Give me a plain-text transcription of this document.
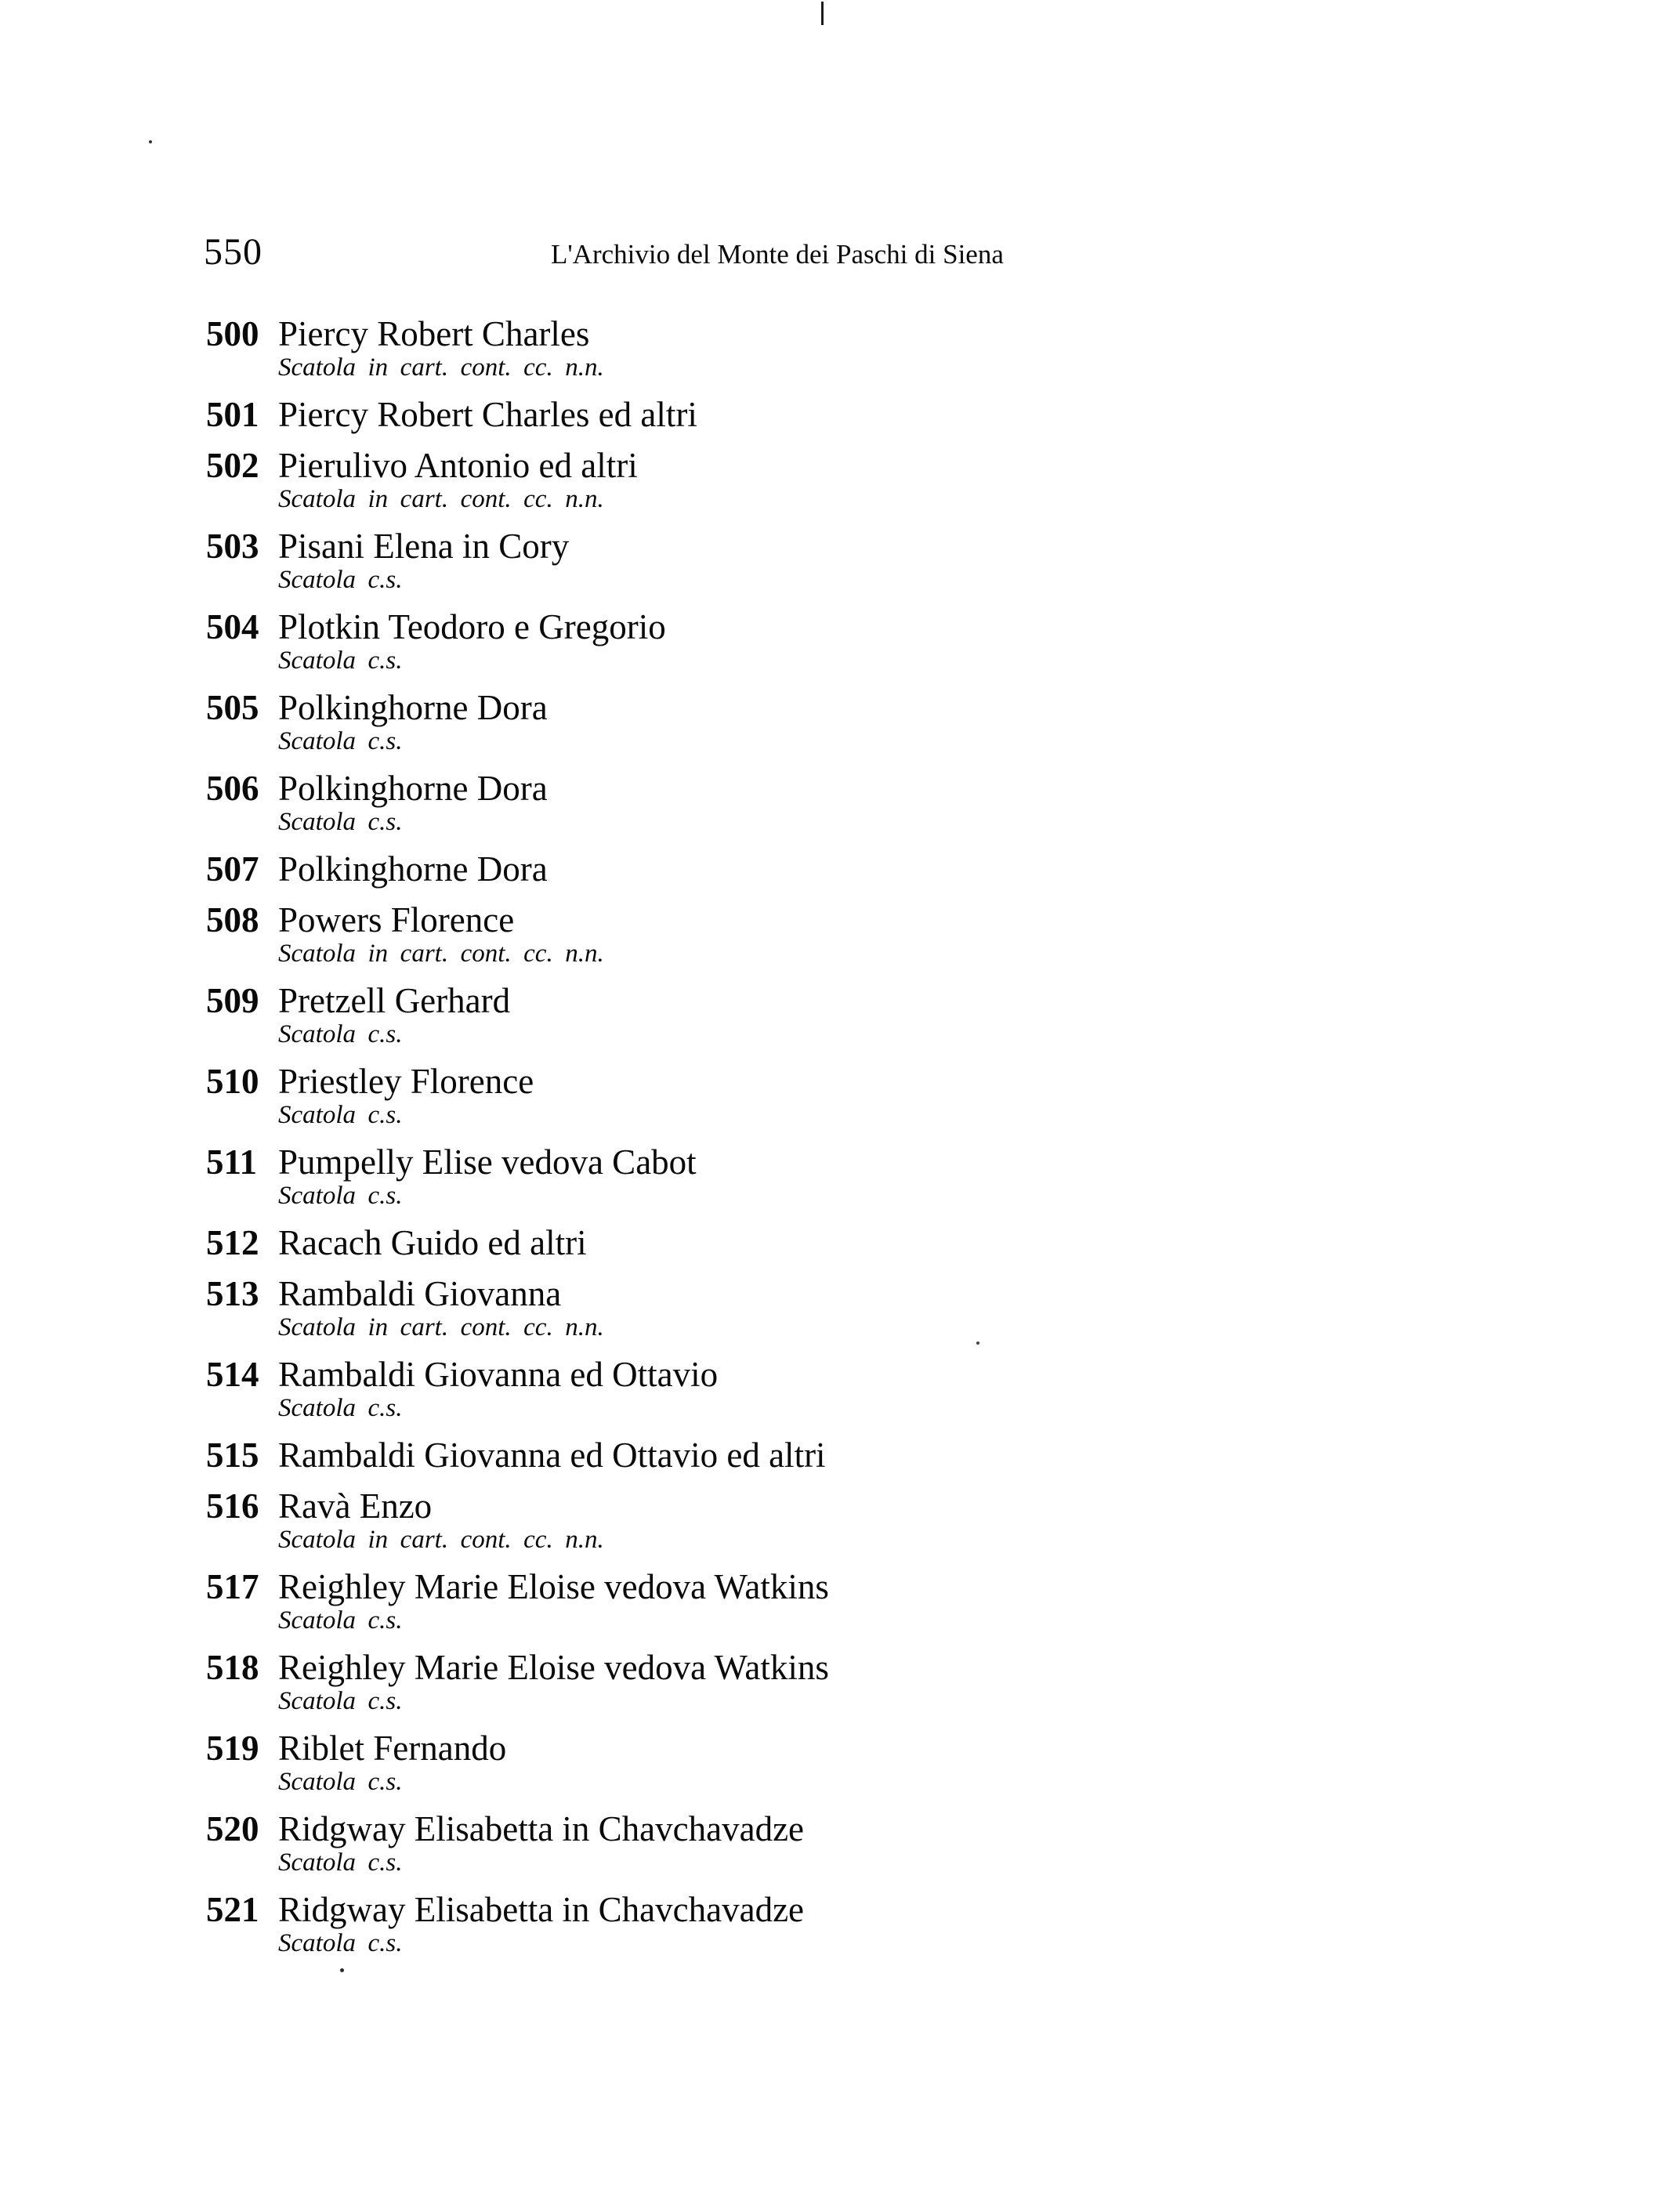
550	L'Archivio del Monte dei Paschi di Siena
500 Piercy Robert Charles
Scatola in cart. cont. cc. n.n.
501 Piercy Robert Charles ed altri
502 Pierulivo Antonio ed altri
Scatola in cart. cont. cc. n.n.
503 Pisani Elena in Cory
Scatola c.s.
504 Plotkin Teodoro e Gregorio
Scatola c.s.
505 Polkinghorne Dora
Scatola c.s.
506 Polkinghorne Dora
Scatola c.s.
507 Polkinghorne Dora
508 Powers Florence
Scatola in cart. cont. cc. n.n.
509 Pretzell Gerhard
Scatola c.s.
510 Priestley Florence
Scatola c.s.
511 Pumpelly Elise vedova Cabot
Scatola c.s.
512 Racach Guido ed altri
513 Rambaldi Giovanna
Scatola in cart. cont. cc. n.n.
514 Rambaldi Giovanna ed Ottavio
Scatola c.s.
515 Rambaldi Giovanna ed Ottavio ed altri
516 Ravà Enzo
Scatola in cart. cont. cc. n.n.
517 Reighley Marie Eloise vedova Watkins
Scatola c.s.
518 Reighley Marie Eloise vedova Watkins
Scatola c.s.
519 Riblet Fernando
Scatola c.s.
520 Ridgway Elisabetta in Chavchavadze
Scatola c.s.
521 Ridgway Elisabetta in Chavchavadze
Scatola c.s.
